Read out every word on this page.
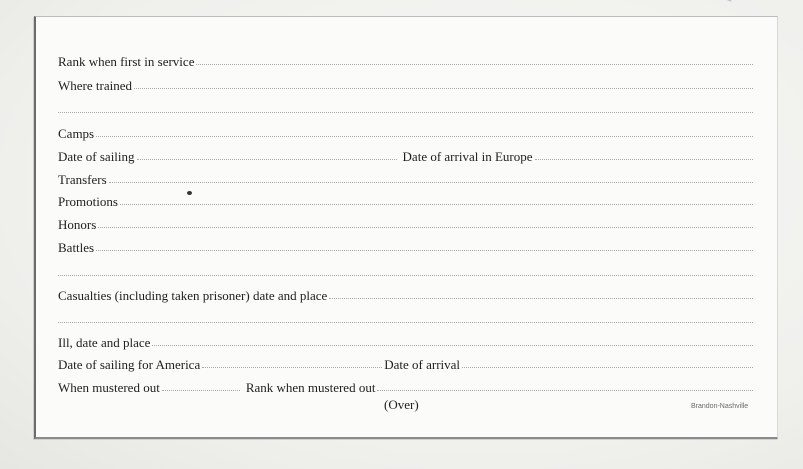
Rank when first in service
Where trained
Camps
Date of sailing	Date of arrival in Europe
Transfers
Promotions
Honors
Battles
Casualties (including taken prisoner) date and place
Ill, date and place
Date of sailing for America	Date of arrival
When mustered out	Rank when mustered out
(Over)	Brandon-Nashville
